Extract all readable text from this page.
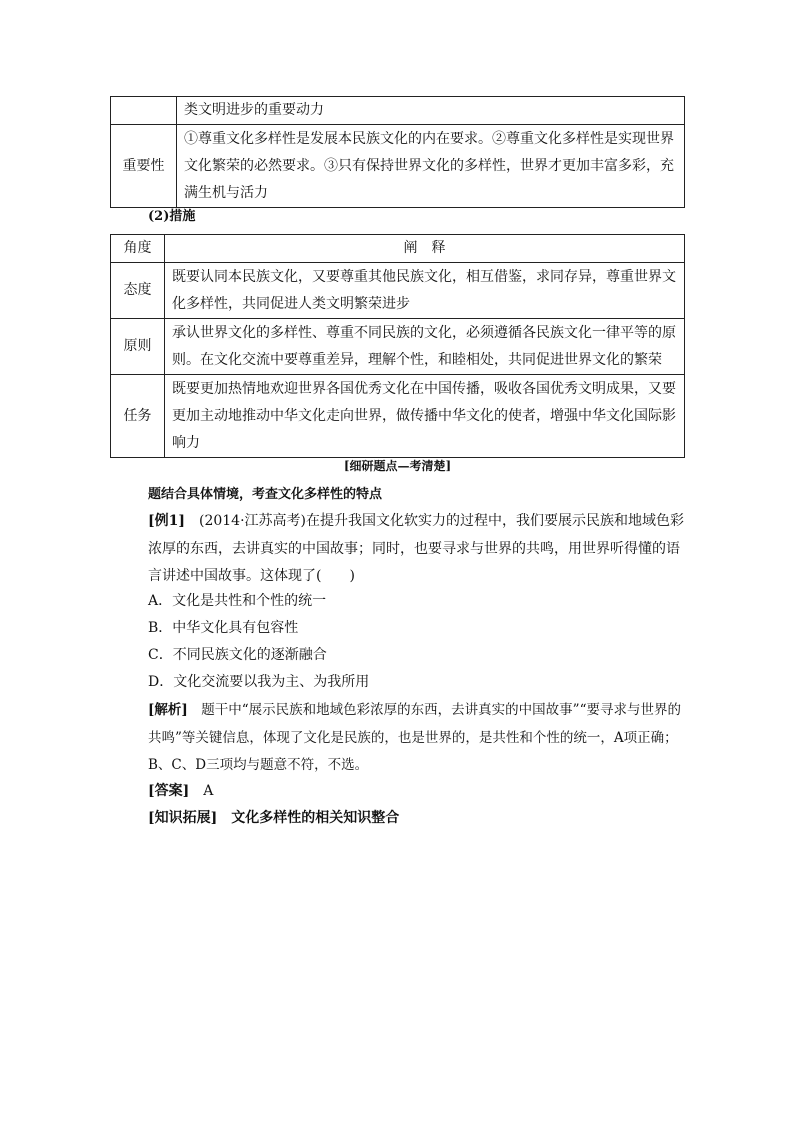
	类文明进步的重要动力
重要性	①尊重文化多样性是发展本民族文化的内在要求。②尊重文化多样性是实现世界文化繁荣的必然要求。③只有保持世界文化的多样性，世界才更加丰富多彩，充满生机与活力
(2)措施
角度	阐　释
态度	既要认同本民族文化，又要尊重其他民族文化，相互借鉴，求同存异，尊重世界文化多样性，共同促进人类文明繁荣进步
原则	承认世界文化的多样性、尊重不同民族的文化，必须遵循各民族文化一律平等的原则。在文化交流中要尊重差异，理解个性，和睦相处，共同促进世界文化的繁荣
任务	既要更加热情地欢迎世界各国优秀文化在中国传播，吸收各国优秀文明成果，又要更加主动地推动中华文化走向世界，做传播中华文化的使者，增强中华文化国际影响力
[细研题点—考清楚]
题结合具体情境，考查文化多样性的特点
[例1]　(2014·江苏高考)在提升我国文化软实力的过程中，我们要展示民族和地域色彩浓厚的东西，去讲真实的中国故事；同时，也要寻求与世界的共鸣，用世界听得懂的语言讲述中国故事。这体现了(　　)
A．文化是共性和个性的统一
B．中华文化具有包容性
C．不同民族文化的逐渐融合
D．文化交流要以我为主、为我所用
[解析]　题干中“展示民族和地域色彩浓厚的东西，去讲真实的中国故事”“要寻求与世界的共鸣”等关键信息，体现了文化是民族的，也是世界的，是共性和个性的统一，A项正确；B、C、D三项均与题意不符，不选。
[答案]　A
[知识拓展]　文化多样性的相关知识整合
